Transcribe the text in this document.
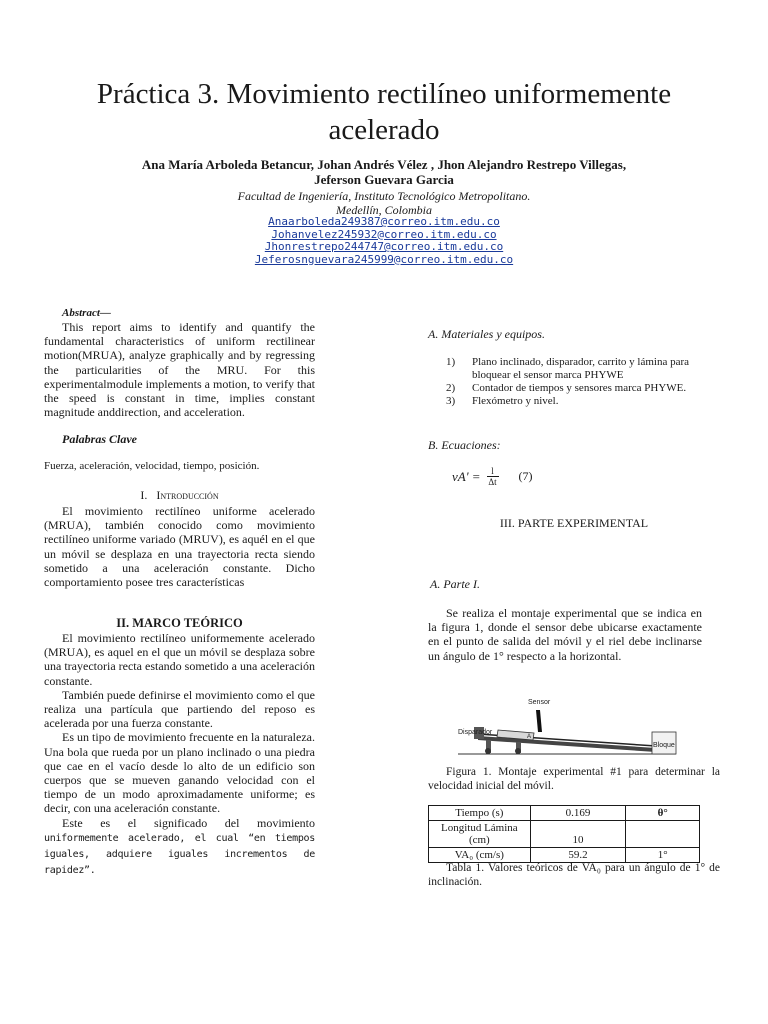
Práctica 3. Movimiento rectilíneo uniformemente acelerado
Ana María Arboleda Betancur, Johan Andrés Vélez , Jhon Alejandro Restrepo Villegas,
Jeferson Guevara Garcia
Facultad de Ingeniería, Instituto Tecnológico Metropolitano.
Medellín, Colombia
Anaarboleda249387@correo.itm.edu.co
Johanvelez245932@correo.itm.edu.co
Jhonrestrepo244747@correo.itm.edu.co
Jeferosnguevara245999@correo.itm.edu.co
Abstract—

This report aims to identify and quantify the fundamental characteristics of uniform rectilinear motion(MRUA), analyze graphically and by regressing the particularities of the MRU. For this experimentalmodule implements a motion, to verify that the speed is constant in time, implies constant magnitude anddirection, and acceleration.

Palabras Clave
Fuerza, aceleración, velocidad, tiempo, posición.
I. Introducción

El movimiento rectilíneo uniforme acelerado (MRUA), también conocido como movimiento rectilíneo uniforme variado (MRUV), es aquél en el que un móvil se desplaza en una trayectoria recta siendo sometido a una aceleración constante. Dicho comportamiento posee tres características

II. MARCO TEÓRICO

El movimiento rectilíneo uniformemente acelerado (MRUA), es aquel en el que un móvil se desplaza sobre una trayectoria recta estando sometido a una aceleración constante.

También puede definirse el movimiento como el que realiza una partícula que partiendo del reposo es acelerada por una fuerza constante.

Es un tipo de movimiento frecuente en la naturaleza. Una bola que rueda por un plano inclinado o una piedra que cae en el vacío desde lo alto de un edificio son cuerpos que se mueven ganando velocidad con el tiempo de un modo aproximadamente uniforme; es decir, con una aceleración constante.

Este es el significado del movimiento uniformemente acelerado, el cual “en tiempos iguales, adquiere iguales incrementos de rapidez”.

A. Materiales y equipos.
1)	Plano inclinado, disparador, carrito y lámina para bloquear el sensor marca PHYWE
2)	Contador de tiempos y sensores marca PHYWE.
3)	Flexómetro y nivel.
B. Ecuaciones:
$vA' = \frac{l}{\Delta t} (7)$
III. PARTE EXPERIMENTAL
A. Parte I.

Se realiza el montaje experimental que se indica en la figura 1, donde el sensor debe ubicarse exactamente en el punto de salida del móvil y el riel debe inclinarse un ángulo de 1° respecto a la horizontal.

Disparador
A
Sensor
Bloque

Figura 1. Montaje experimental #1 para determinar la velocidad inicial del móvil.

Tiempo (s)	0.169	θ°
Longitud Lámina (cm)	10	
VA₀ (cm/s)	59.2	1°

Tabla 1. Valores teóricos de VA₀ para un ángulo de 1° de inclinación.
